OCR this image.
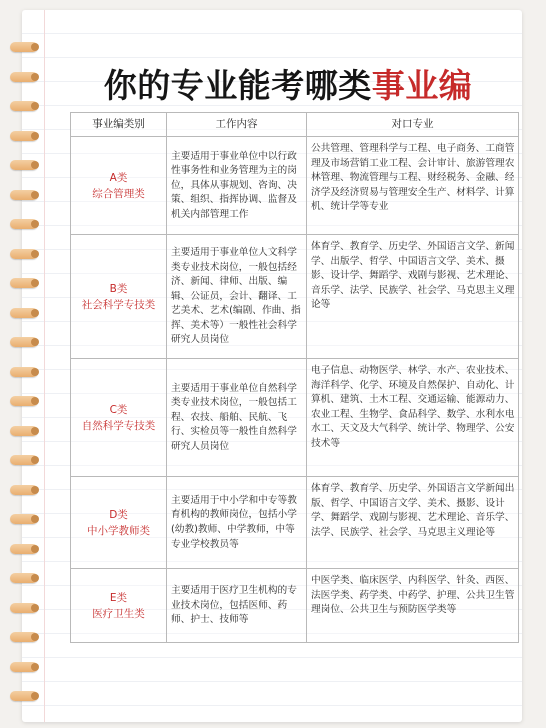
你的专业能考哪类事业编
事业编类别	工作内容	对口专业

A类
综合管理类	主要适用于事业单位中以行政性事务性和业务管理为主的岗位，具体从事规划、咨询、决策、组织、指挥协调、监督及机关内部管理工作	公共管理、管理科学与工程、电子商务、工商管理及市场营销工业工程、会计审计、旅游管理农林管理、物流管理与工程、财经税务、金融、经济学及经济贸易与管理安全生产、材料学、计算机、统计学等专业

B类
社会科学专技类	主要适用于事业单位人文科学类专业技术岗位，一般包括经济、新闻、律师、出版、编辑、公证员，会计、翻译、工艺美术、艺术(编剧、作曲、指挥、美术等）一般性社会科学研究人员岗位	体育学、教育学、历史学、外国语言文学、新闻学、出版学、哲学、中国语言文学、美术、摄影、设计学、舞蹈学、戏剧与影视、艺术理论、音乐学、法学、民族学、社会学、马克思主义理论等

C类
自然科学专技类	主要适用于事业单位自然科学类专业技术岗位，一般包括工程、农技、船舶、民航、飞行、实检员等一般性自然科学研究人员岗位	电子信息、动物医学、林学、水产、农业技术、海洋科学、化学、环境及自然保护、自动化、计算机、建筑、土木工程、交通运输、能源动力、农业工程、生物学、食品科学、数学、水利水电水工、天文及大气科学、统计学、物理学、公安技术等

D类
中小学教师类	主要适用于中小学和中专等教育机构的教师岗位，包括小学(幼教)教师、中学教师，中等专业学校教员等	体育学、教育学、历史学、外国语言文学新闻出版、哲学、中国语言文学、美术、摄影、设计学、舞蹈学、戏剧与影视、艺术理论、音乐学、法学、民族学、社会学、马克思主义理论等

E类
医疗卫生类	主要适用于医疗卫生机构的专业技术岗位，包括医师、药师、护士、技师等	中医学类、临床医学、内科医学、针灸、西医、法医学类、药学类、中药学、护理、公共卫生管理岗位、公共卫生与预防医学类等
